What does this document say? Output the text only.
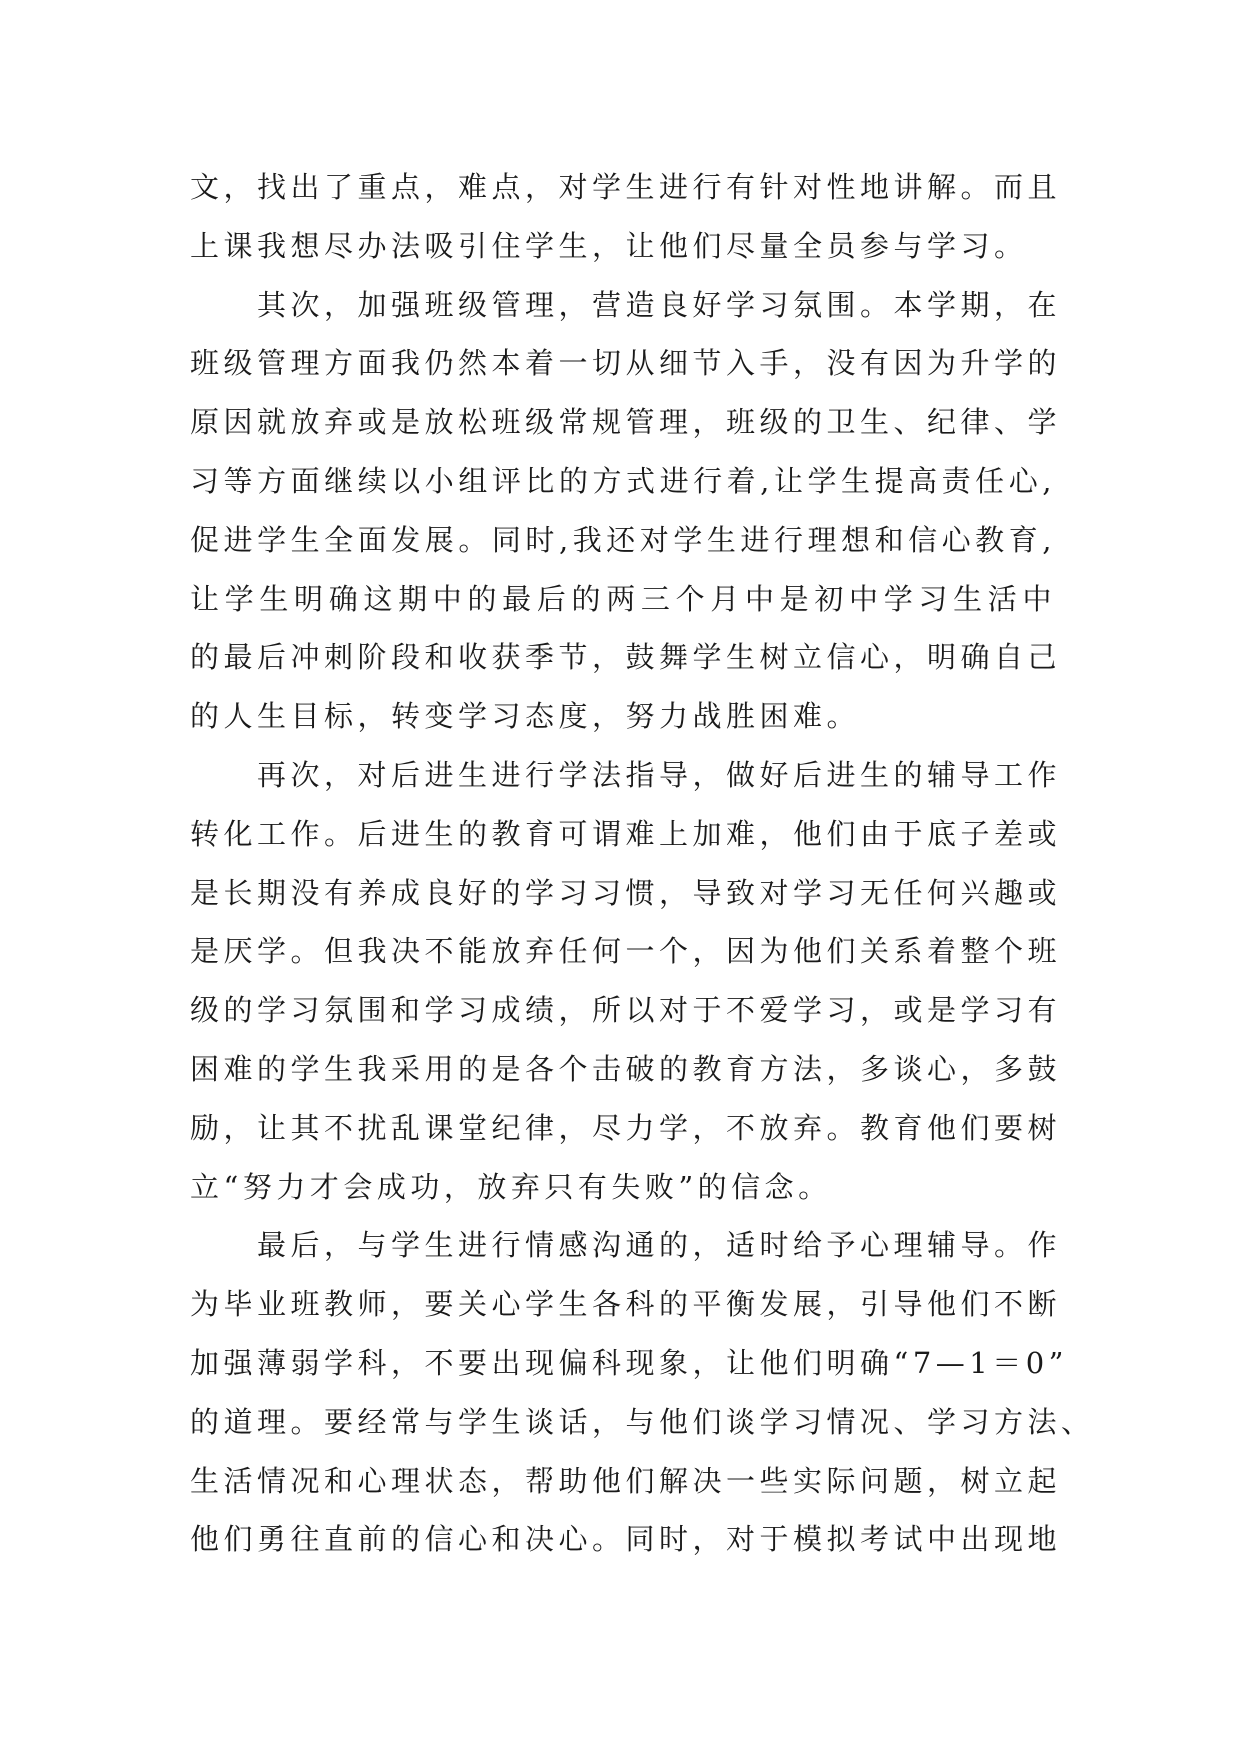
文，找出了重点，难点，对学生进行有针对性地讲解。而且
上课我想尽办法吸引住学生，让他们尽量全员参与学习。
　　其次，加强班级管理，营造良好学习氛围。本学期，在
班级管理方面我仍然本着一切从细节入手，没有因为升学的
原因就放弃或是放松班级常规管理，班级的卫生、纪律、学
习等方面继续以小组评比的方式进行着,让学生提高责任心,
促进学生全面发展。同时,我还对学生进行理想和信心教育,
让学生明确这期中的最后的两三个月中是初中学习生活中
的最后冲刺阶段和收获季节，鼓舞学生树立信心，明确自己
的人生目标，转变学习态度，努力战胜困难。
　　再次，对后进生进行学法指导，做好后进生的辅导工作
转化工作。后进生的教育可谓难上加难，他们由于底子差或
是长期没有养成良好的学习习惯，导致对学习无任何兴趣或
是厌学。但我决不能放弃任何一个，因为他们关系着整个班
级的学习氛围和学习成绩，所以对于不爱学习，或是学习有
困难的学生我采用的是各个击破的教育方法，多谈心，多鼓
励，让其不扰乱课堂纪律，尽力学，不放弃。教育他们要树
立“努力才会成功，放弃只有失败”的信念。
　　最后，与学生进行情感沟通的，适时给予心理辅导。作
为毕业班教师，要关心学生各科的平衡发展，引导他们不断
加强薄弱学科，不要出现偏科现象，让他们明确“7—1＝0”
的道理。要经常与学生谈话，与他们谈学习情况、学习方法、
生活情况和心理状态，帮助他们解决一些实际问题，树立起
他们勇往直前的信心和决心。同时，对于模拟考试中出现地
